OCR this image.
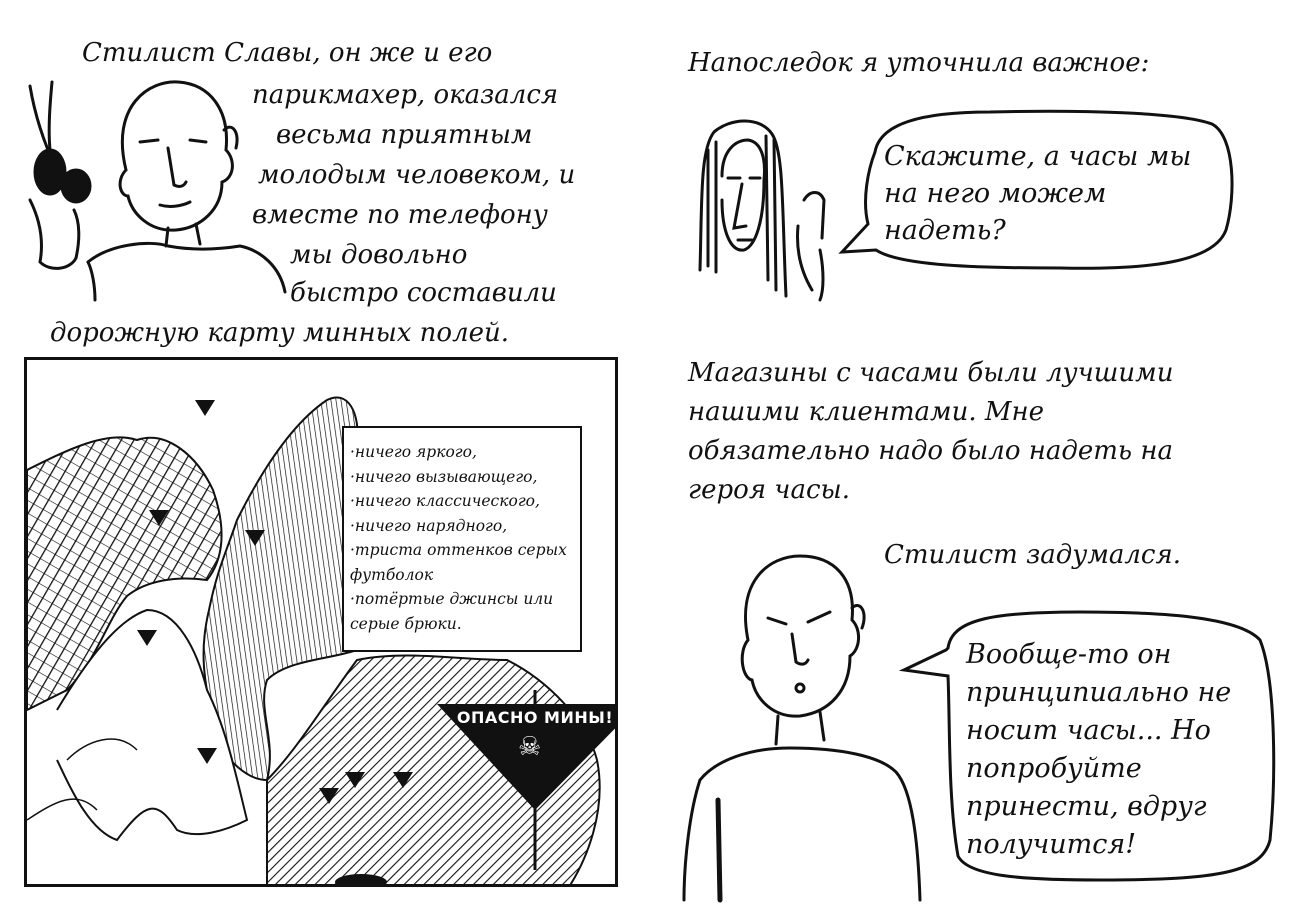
·ничего яркого,
·ничего вызывающего,
·ничего классического,
·ничего нарядного,
·триста оттенков серых
футболок
·потёртые джинсы или
серые брюки.
ОПАСНО МИНЫ!
☠
Стилист Славы, он же и его
парикмахер, оказался
весьма приятным
молодым человеком, и
вместе по телефону
мы довольно
быстро составили
дорожную карту минных полей.
Напоследок я уточнила важное:
Скажите, а часы мы
на него можем
надеть?
Магазины с часами были лучшими
нашими клиентами. Мне
обязательно надо было надеть на
героя часы.
Стилист задумался.
Вообще-то он
принципиально не
носит часы... Но
попробуйте
принести, вдруг
получится!
